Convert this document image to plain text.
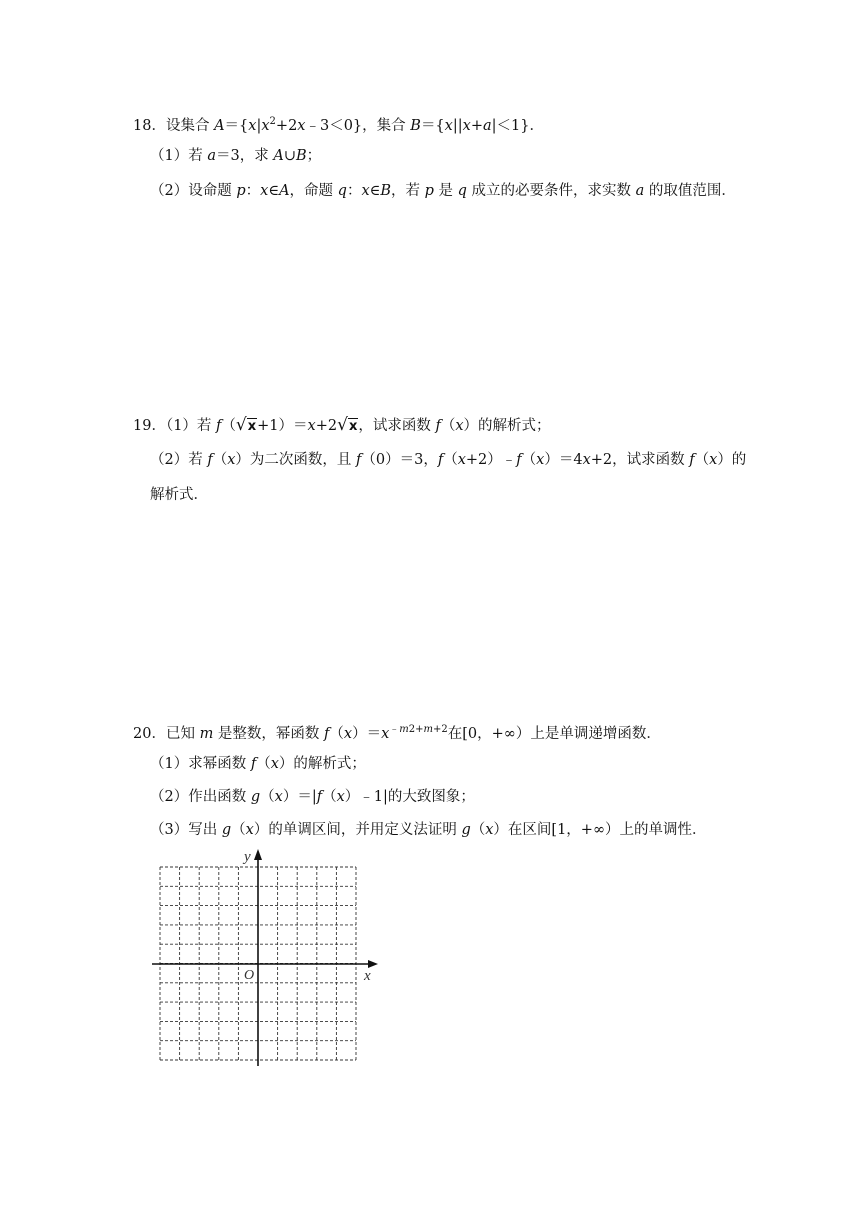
18．设集合 $A=\{x|x^2+2x﹣3<0\}$，集合 B＝{x||x+a|＜1}．
（1）若 a＝3，求 A∪B；
（2）设命题 p：x∈A，命题 q：x∈B，若 p 是 q 成立的必要条件，求实数 a 的取值范围．
19．（1）若 f（√x+1）＝x+2√x，试求函数 f（x）的解析式；
（2）若 f（x）为二次函数，且 f（0）＝3，f（x+2）﹣f（x）＝4x+2，试求函数 f（x）的
解析式．
20．已知 m 是整数，幂函数 $f(x)=x^{﹣m2+m+2}$在[0，+∞）上是单调递增函数．
（1）求幂函数 f（x）的解析式；
（2）作出函数 g（x）＝|f（x）﹣1|的大致图象；
（3）写出 g（x）的单调区间，并用定义法证明 g（x）在区间[1，+∞）上的单调性．
y
x
O
